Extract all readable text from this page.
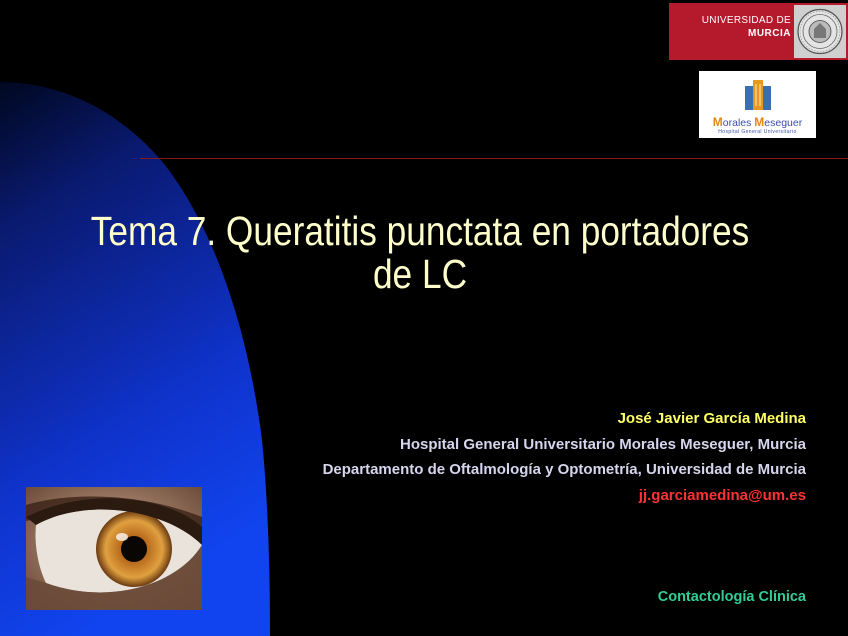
UNIVERSIDAD DE
MURCIA
Morales Meseguer
Hospital General Universitario
Tema 7. Queratitis punctata en portadores
de LC
José Javier García Medina
Hospital General Universitario Morales Meseguer, Murcia
Departamento de Oftalmología y Optometría, Universidad de Murcia
jj.garciamedina@um.es
Contactología Clínica
